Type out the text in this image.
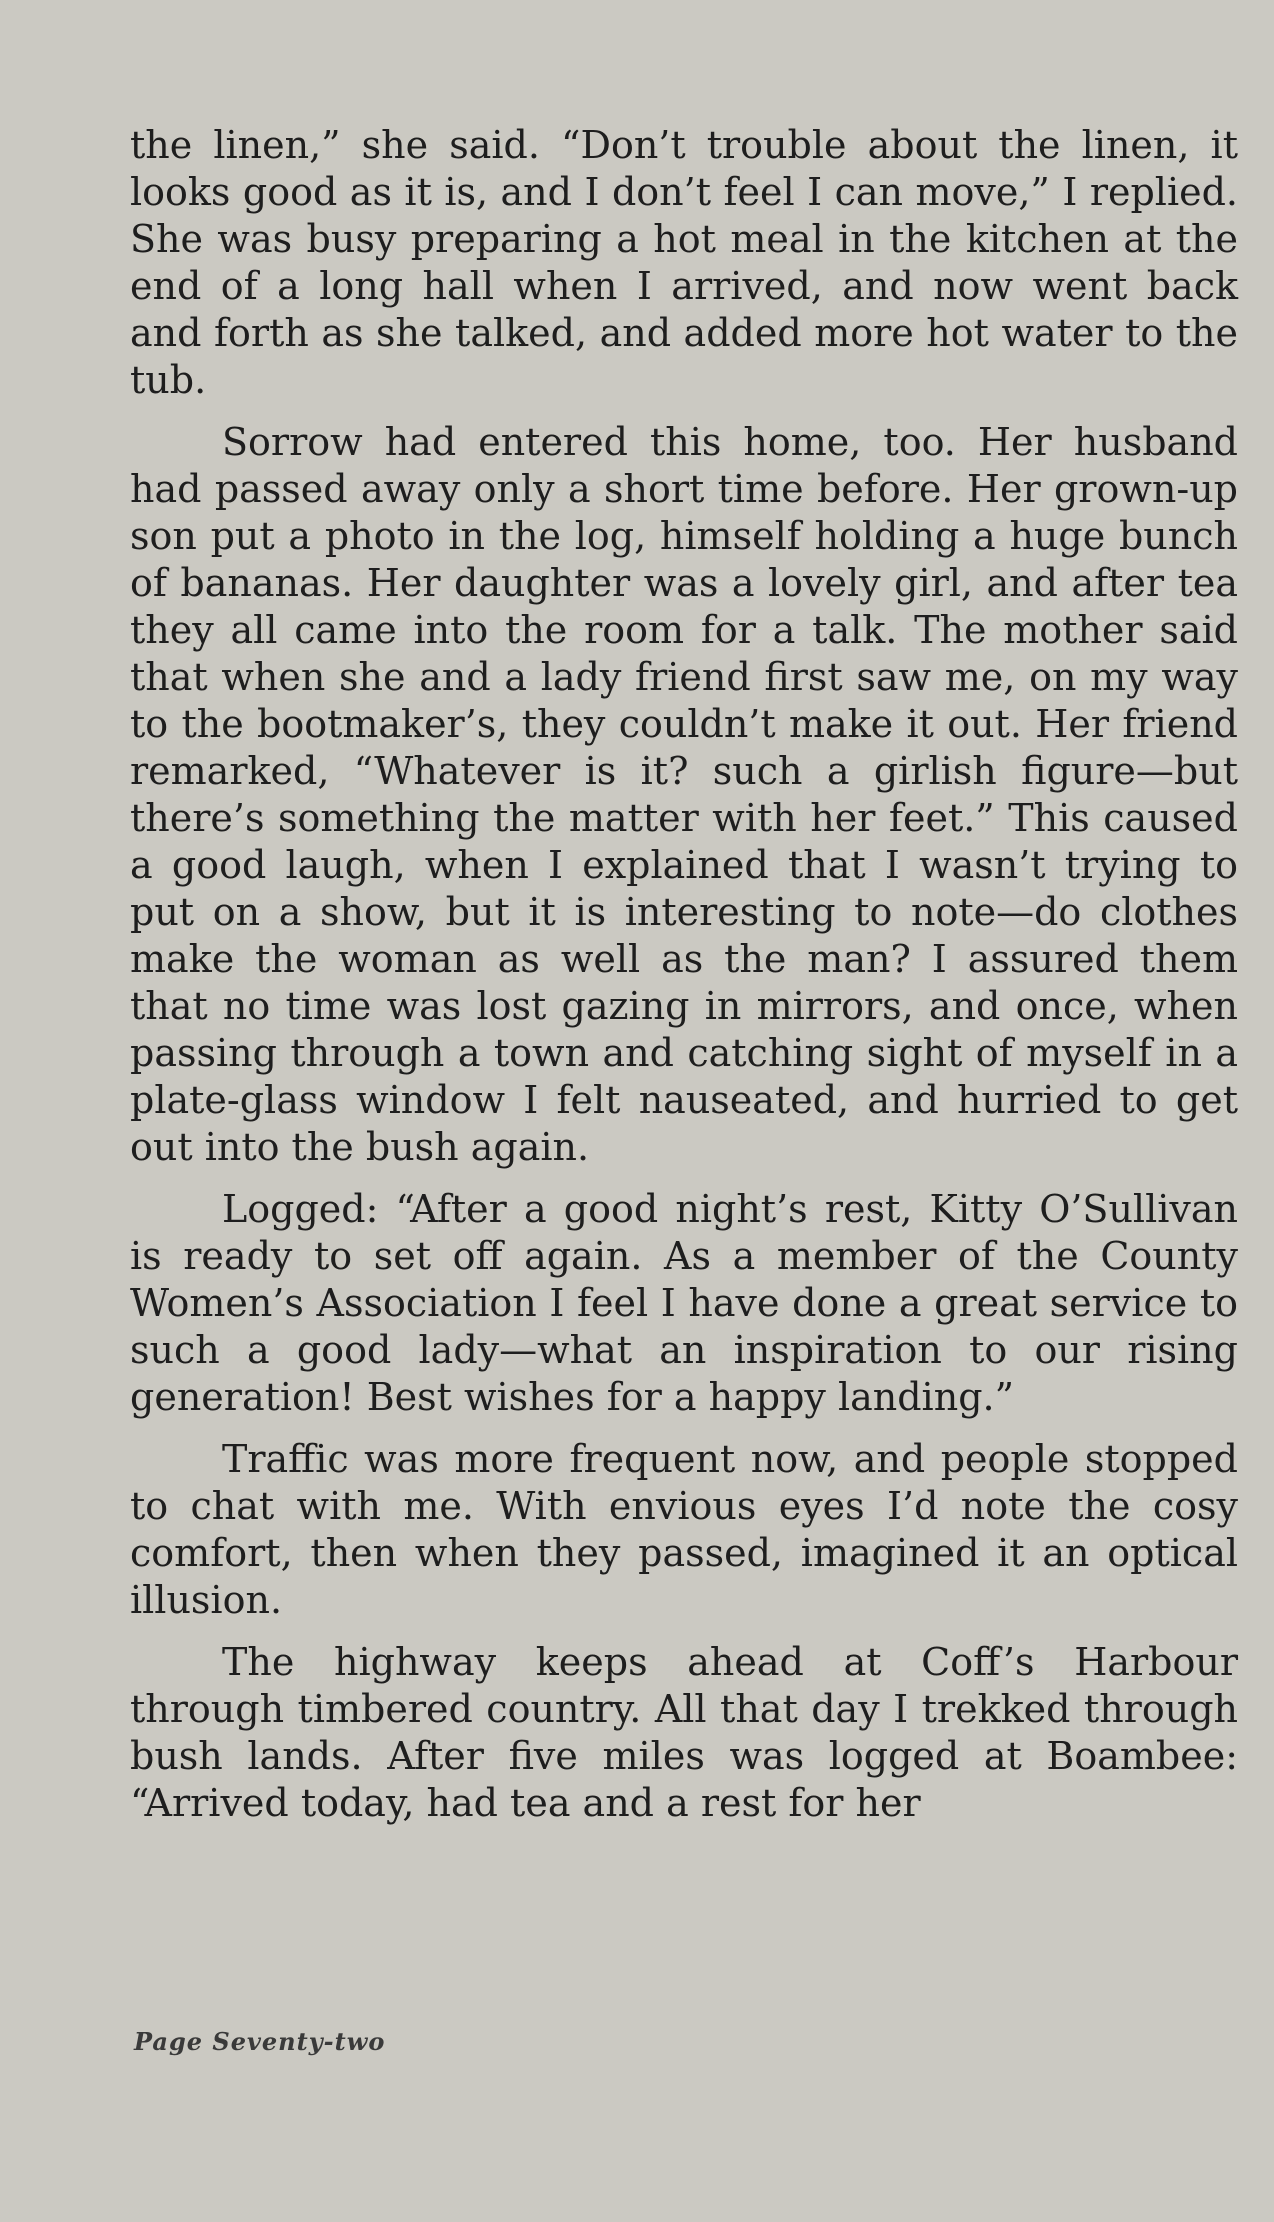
the linen,” she said. “Don’t trouble about the linen, it looks good as it is, and I don’t feel I can move,” I replied. She was busy preparing a hot meal in the kitchen at the end of a long hall when I arrived, and now went back and forth as she talked, and added more hot water to the tub.

Sorrow had entered this home, too. Her husband had passed away only a short time before. Her grown-up son put a photo in the log, himself holding a huge bunch of bananas. Her daughter was a lovely girl, and after tea they all came into the room for a talk. The mother said that when she and a lady friend first saw me, on my way to the bootmaker’s, they couldn’t make it out. Her friend remarked, “Whatever is it? such a girlish figure—but there’s something the matter with her feet.” This caused a good laugh, when I explained that I wasn’t trying to put on a show, but it is interesting to note—do clothes make the woman as well as the man? I assured them that no time was lost gazing in mirrors, and once, when passing through a town and catching sight of myself in a plate-glass window I felt nauseated, and hurried to get out into the bush again.

Logged: “After a good night’s rest, Kitty O’Sullivan is ready to set off again. As a member of the County Women’s Association I feel I have done a great service to such a good lady—what an inspiration to our rising generation! Best wishes for a happy landing.”

Traffic was more frequent now, and people stopped to chat with me. With envious eyes I’d note the cosy comfort, then when they passed, imagined it an optical illusion.

The highway keeps ahead at Coff’s Harbour through timbered country. All that day I trekked through bush lands. After five miles was logged at Boambee: “Arrived today, had tea and a rest for her

Page Seventy-two
